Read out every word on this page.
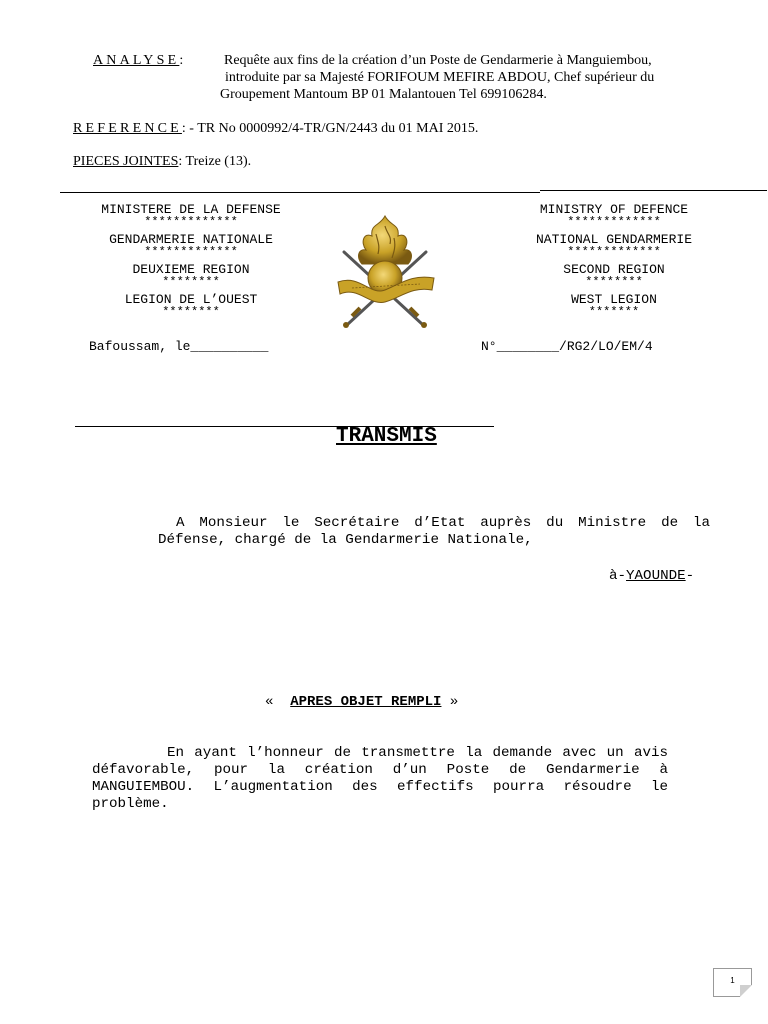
ANALYSE:	Requête aux fins de la création d’un Poste de Gendarmerie à Manguiembou,
introduite par sa Majesté FORIFOUM MEFIRE ABDOU, Chef supérieur du
Groupement Mantoum BP 01 Malantouen Tel 699106284.
REFERENCE: - TR No 0000992/4-TR/GN/2443 du 01 MAI 2015.
PIECES JOINTES: Treize (13).
MINISTERE DE LA DEFENSE
*************
GENDARMERIE NATIONALE
*************
DEUXIEME REGION
********
LEGION DE L’OUEST
********
Bafoussam, le__________
MINISTRY OF DEFENCE
*************
NATIONAL GENDARMERIE
*************
SECOND REGION
********
WEST LEGION
*******
N°________/RG2/LO/EM/4
TRANSMIS
A Monsieur le Secrétaire d’Etat auprès du Ministre de la Défense, chargé de la Gendarmerie Nationale,
à-YAOUNDE-
« APRES OBJET REMPLI »
En ayant l’honneur de transmettre la demande avec un avis défavorable, pour la création d’un Poste de Gendarmerie à MANGUIEMBOU. L’augmentation des effectifs pourra résoudre le problème.
1
